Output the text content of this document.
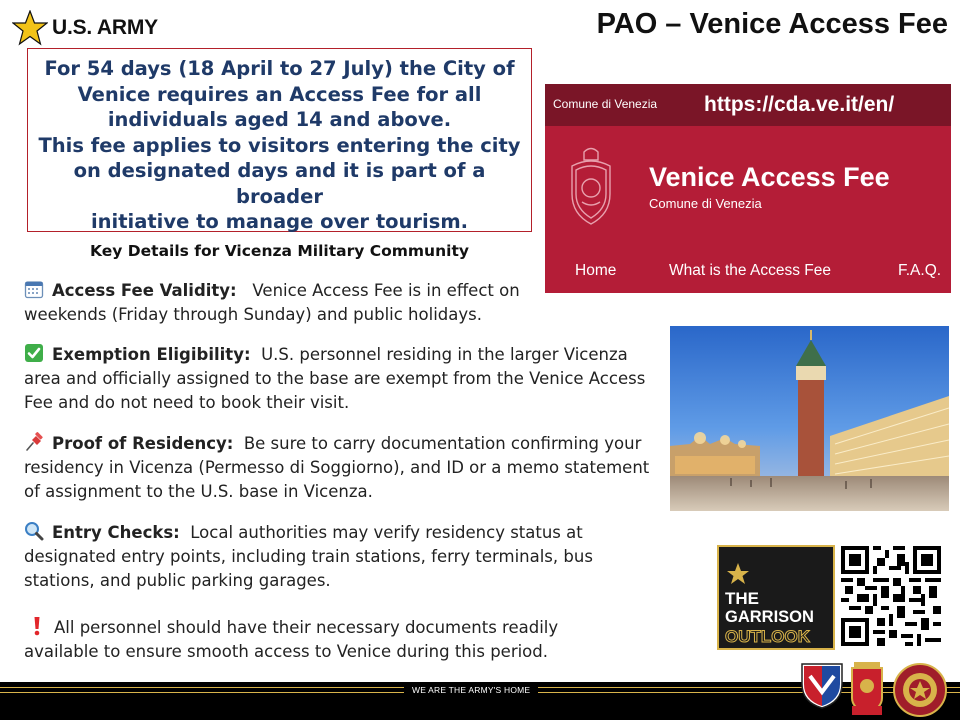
U.S. ARMY	PAO – Venice Access Fee

For 54 days (18 April to 27 July) the City of
Venice requires an Access Fee for all
individuals aged 14 and above.
This fee applies to visitors entering the city
on designated days and it is part of a broader
initiative to manage over tourism.

Key Details for Vicenza Military Community
Access Fee Validity: Venice Access Fee is in effect on weekends (Friday through Sunday) and public holidays.
Exemption Eligibility: U.S. personnel residing in the larger Vicenza area and officially assigned to the base are exempt from the Venice Access Fee and do not need to book their visit.
Proof of Residency: Be sure to carry documentation confirming your residency in Vicenza (Permesso di Soggiorno), and ID or a memo statement of assignment to the U.S. base in Vicenza.
Entry Checks: Local authorities may verify residency status at designated entry points, including train stations, ferry terminals, bus stations, and public parking garages.
All personnel should have their necessary documents readily available to ensure smooth access to Venice during this period.
Comune di Venezia https://cda.ve.it/en/
Venice Access Fee
Comune di Venezia
Home	What is the Access Fee	F.A.Q.
THE
GARRISON
OUTLOOK
WE ARE THE ARMY'S HOME
